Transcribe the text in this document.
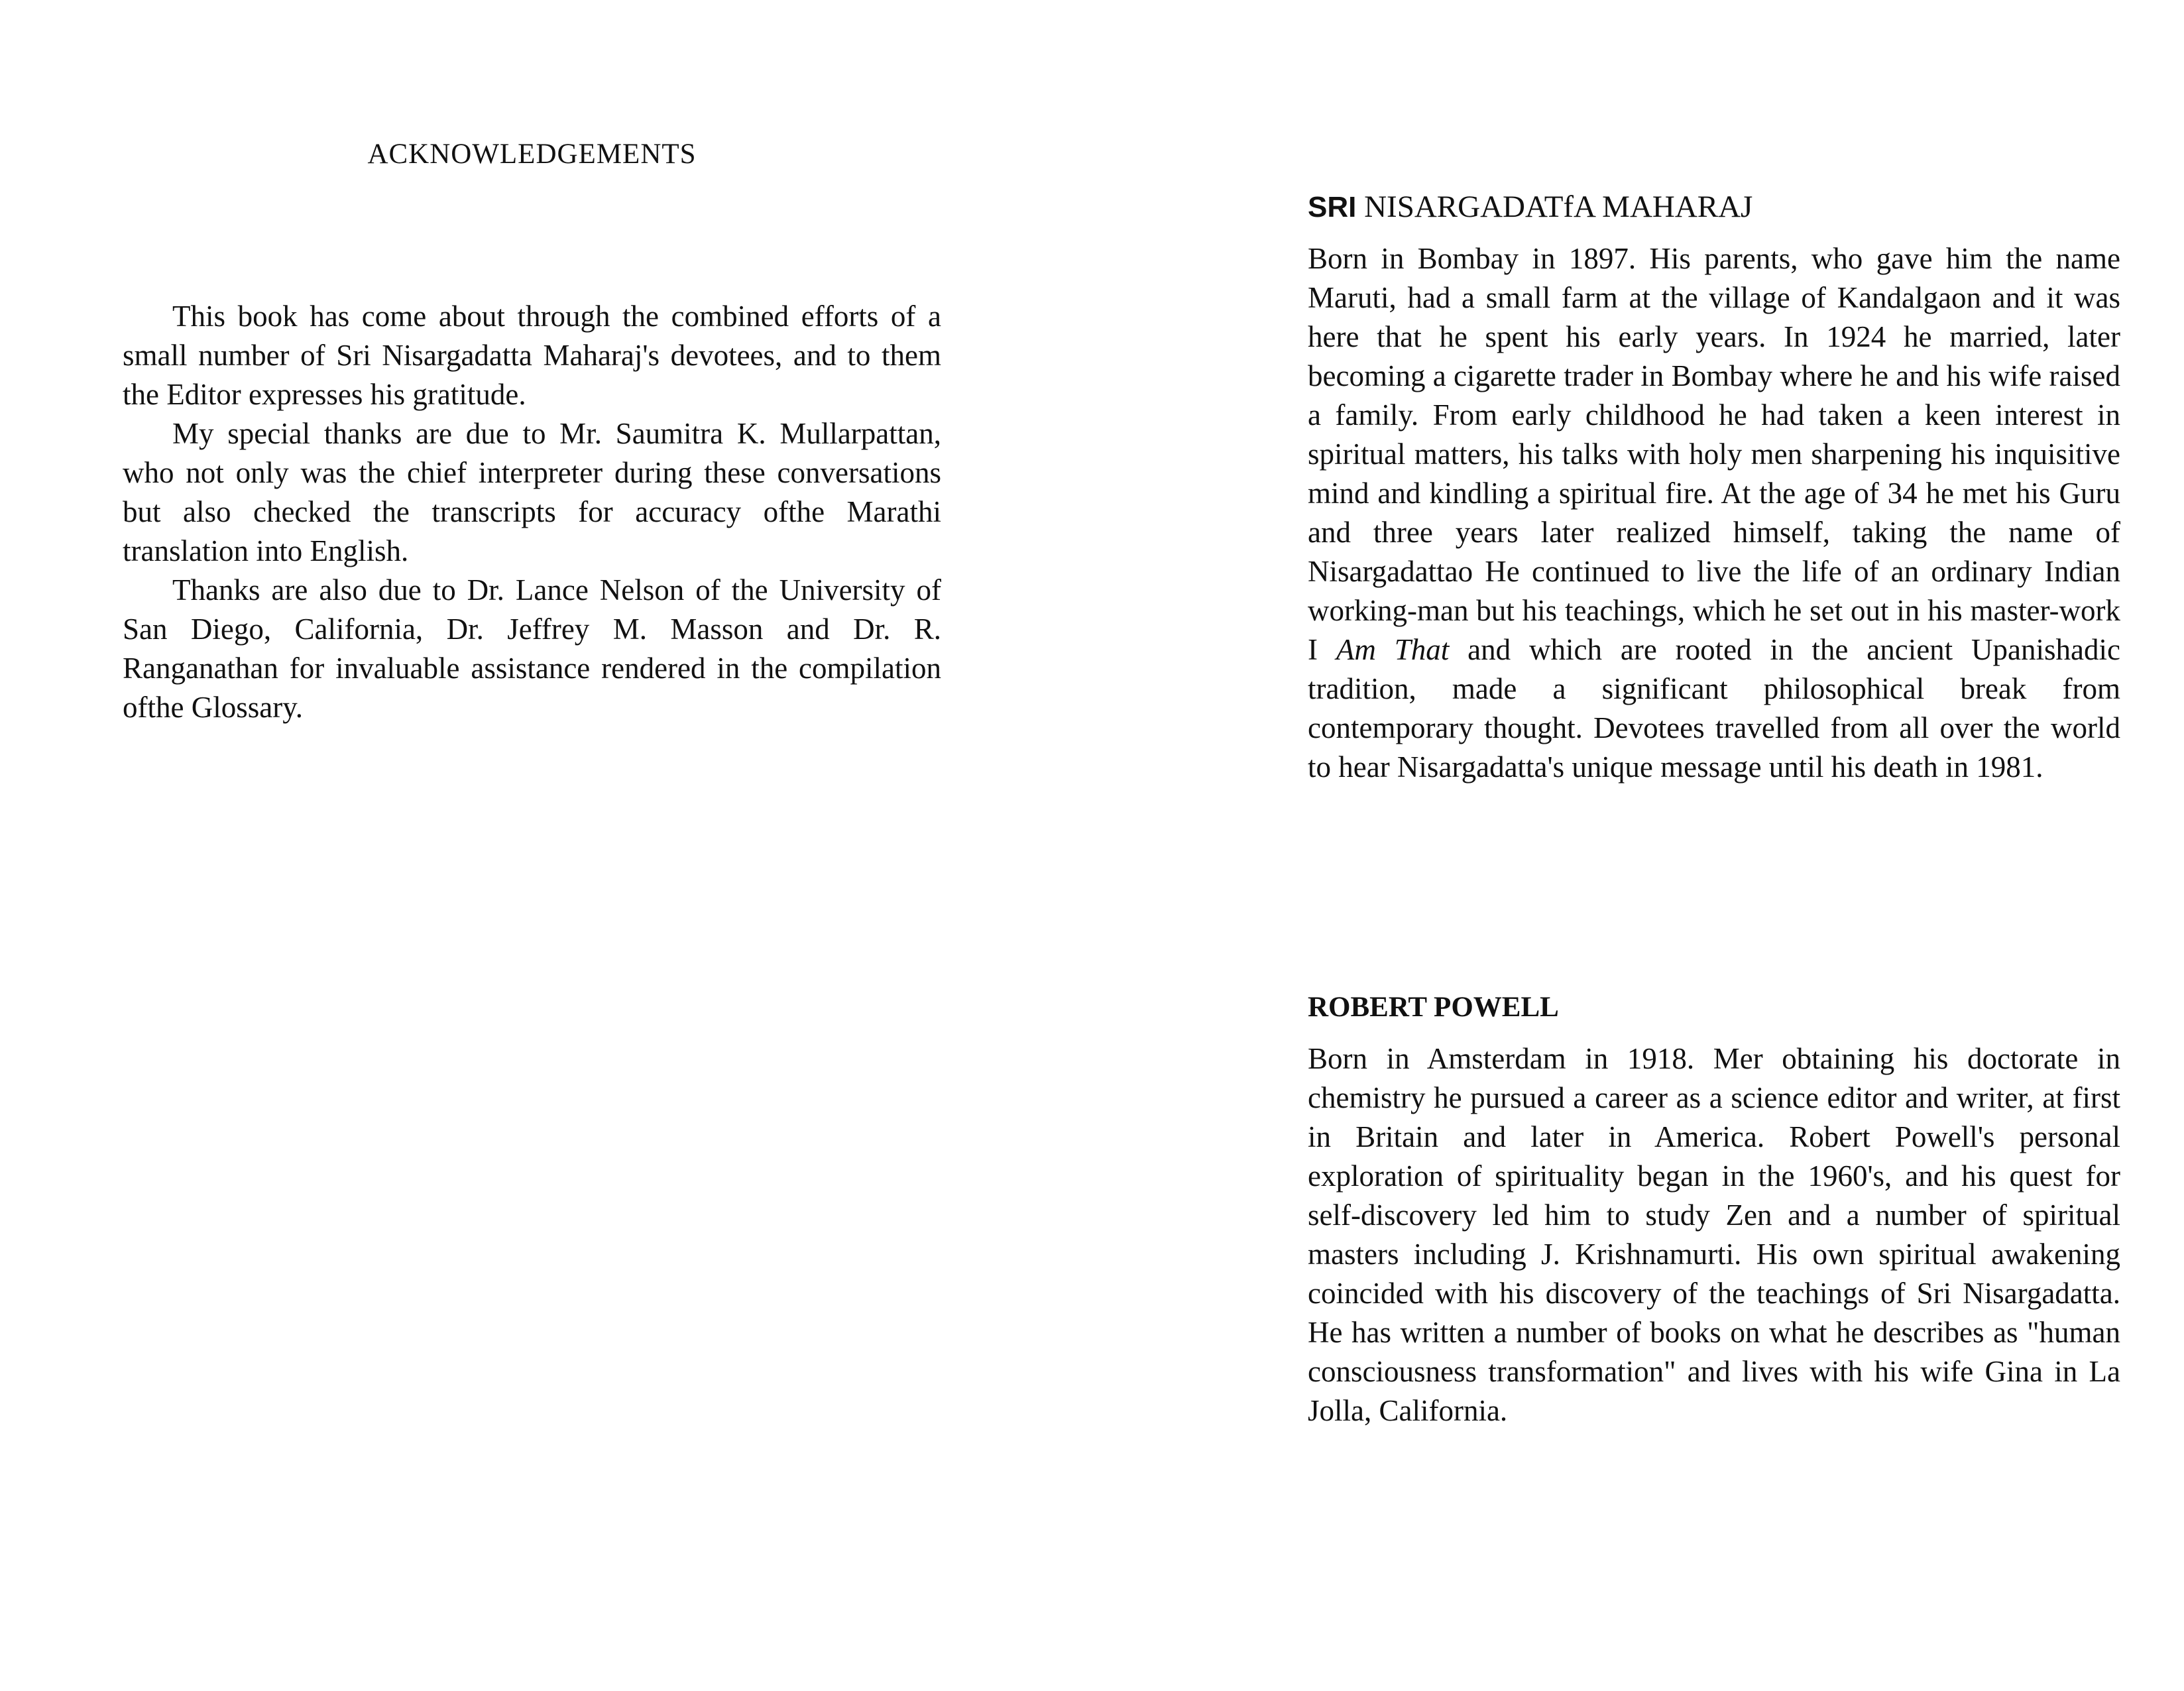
ACKNOWLEDGEMENTS

This book has come about through the combined efforts of a small number of Sri Nisargadatta Maharaj's devotees, and to them the Editor expresses his gratitude.

My special thanks are due to Mr. Saumitra K. Mullarpattan, who not only was the chief interpreter during these conversations but also checked the transcripts for accuracy ofthe Marathi translation into English.

Thanks are also due to Dr. Lance Nelson of the University of San Diego, California, Dr. Jeffrey M. Masson and Dr. R. Ranganathan for invaluable assistance rendered in the compilation ofthe Glossary.

SRI NISARGADATfA MAHARAJ

Born in Bombay in 1897. His parents, who gave him the name Maruti, had a small farm at the village of Kandalgaon and it was here that he spent his early years. In 1924 he married, later becoming a cigarette trader in Bombay where he and his wife raised a family. From early childhood he had taken a keen interest in spiritual matters, his talks with holy men sharpening his inquisitive mind and kindling a spiritual fire. At the age of 34 he met his Guru and three years later realized himself, taking the name of Nisargadattao He continued to live the life of an ordinary Indian working-man but his teachings, which he set out in his master-work I Am That and which are rooted in the ancient Upanishadic tradition, made a significant philosophical break from contemporary thought. Devotees travelled from all over the world to hear Nisargadatta's unique message until his death in 1981.

ROBERT POWELL

Born in Amsterdam in 1918. Mer obtaining his doctorate in chemistry he pursued a career as a science editor and writer, at first in Britain and later in America. Robert Powell's personal exploration of spirituality began in the 1960's, and his quest for self-discovery led him to study Zen and a number of spiritual masters including J. Krishnamurti. His own spiritual awakening coincided with his discovery of the teachings of Sri Nisargadatta. He has written a number of books on what he describes as "human consciousness transformation" and lives with his wife Gina in La Jolla, California.
